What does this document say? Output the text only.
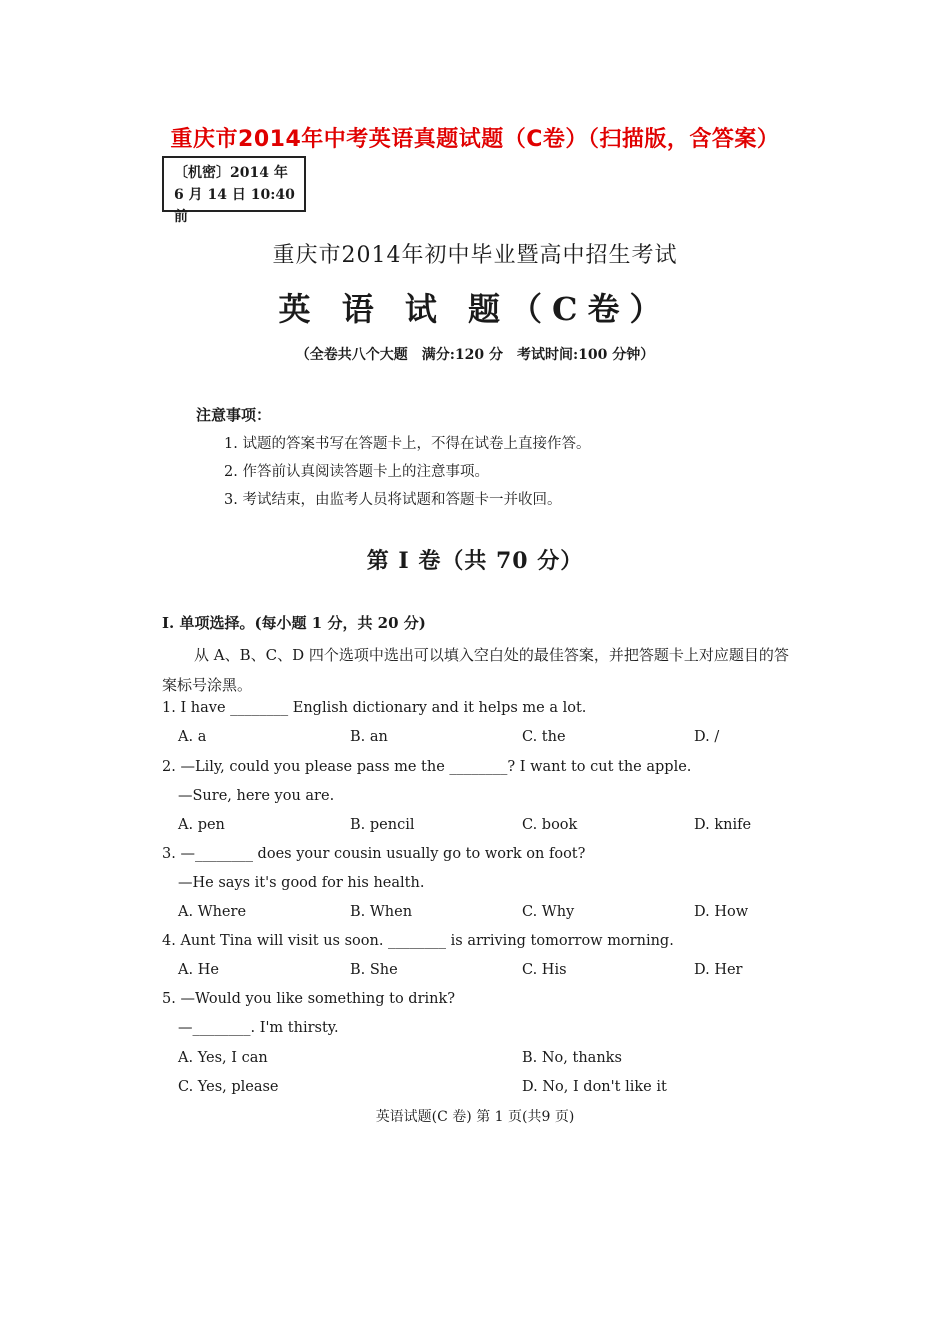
重庆市2014年中考英语真题试题（C卷）（扫描版，含答案）
〔机密〕2014 年
6 月 14 日 10:40 前
重庆市2014年初中毕业暨高中招生考试
英 语 试 题（C卷）
（全卷共八个大题　满分:120 分　考试时间:100 分钟）
注意事项：
1. 试题的答案书写在答题卡上，不得在试卷上直接作答。
2. 作答前认真阅读答题卡上的注意事项。
3. 考试结束，由监考人员将试题和答题卡一并收回。
第 I 卷（共 70 分）
I. 单项选择。(每小题 1 分，共 20 分)
从 A、B、C、D 四个选项中选出可以填入空白处的最佳答案，并把答题卡上对应题目的答案标号涂黑。
1. I have ________ English dictionary and it helps me a lot.
A. a	B. an	C. the	D. /
2. —Lily, could you please pass me the ________? I want to cut the apple.
—Sure, here you are.
A. pen	B. pencil	C. book	D. knife
3. —________ does your cousin usually go to work on foot?
—He says it's good for his health.
A. Where	B. When	C. Why	D. How
4. Aunt Tina will visit us soon. ________ is arriving tomorrow morning.
A. He	B. She	C. His	D. Her
5. —Would you like something to drink?
—________. I'm thirsty.
A. Yes, I can	B. No, thanks
C. Yes, please	D. No, I don't like it
英语试题(C 卷) 第 1 页(共9 页)
